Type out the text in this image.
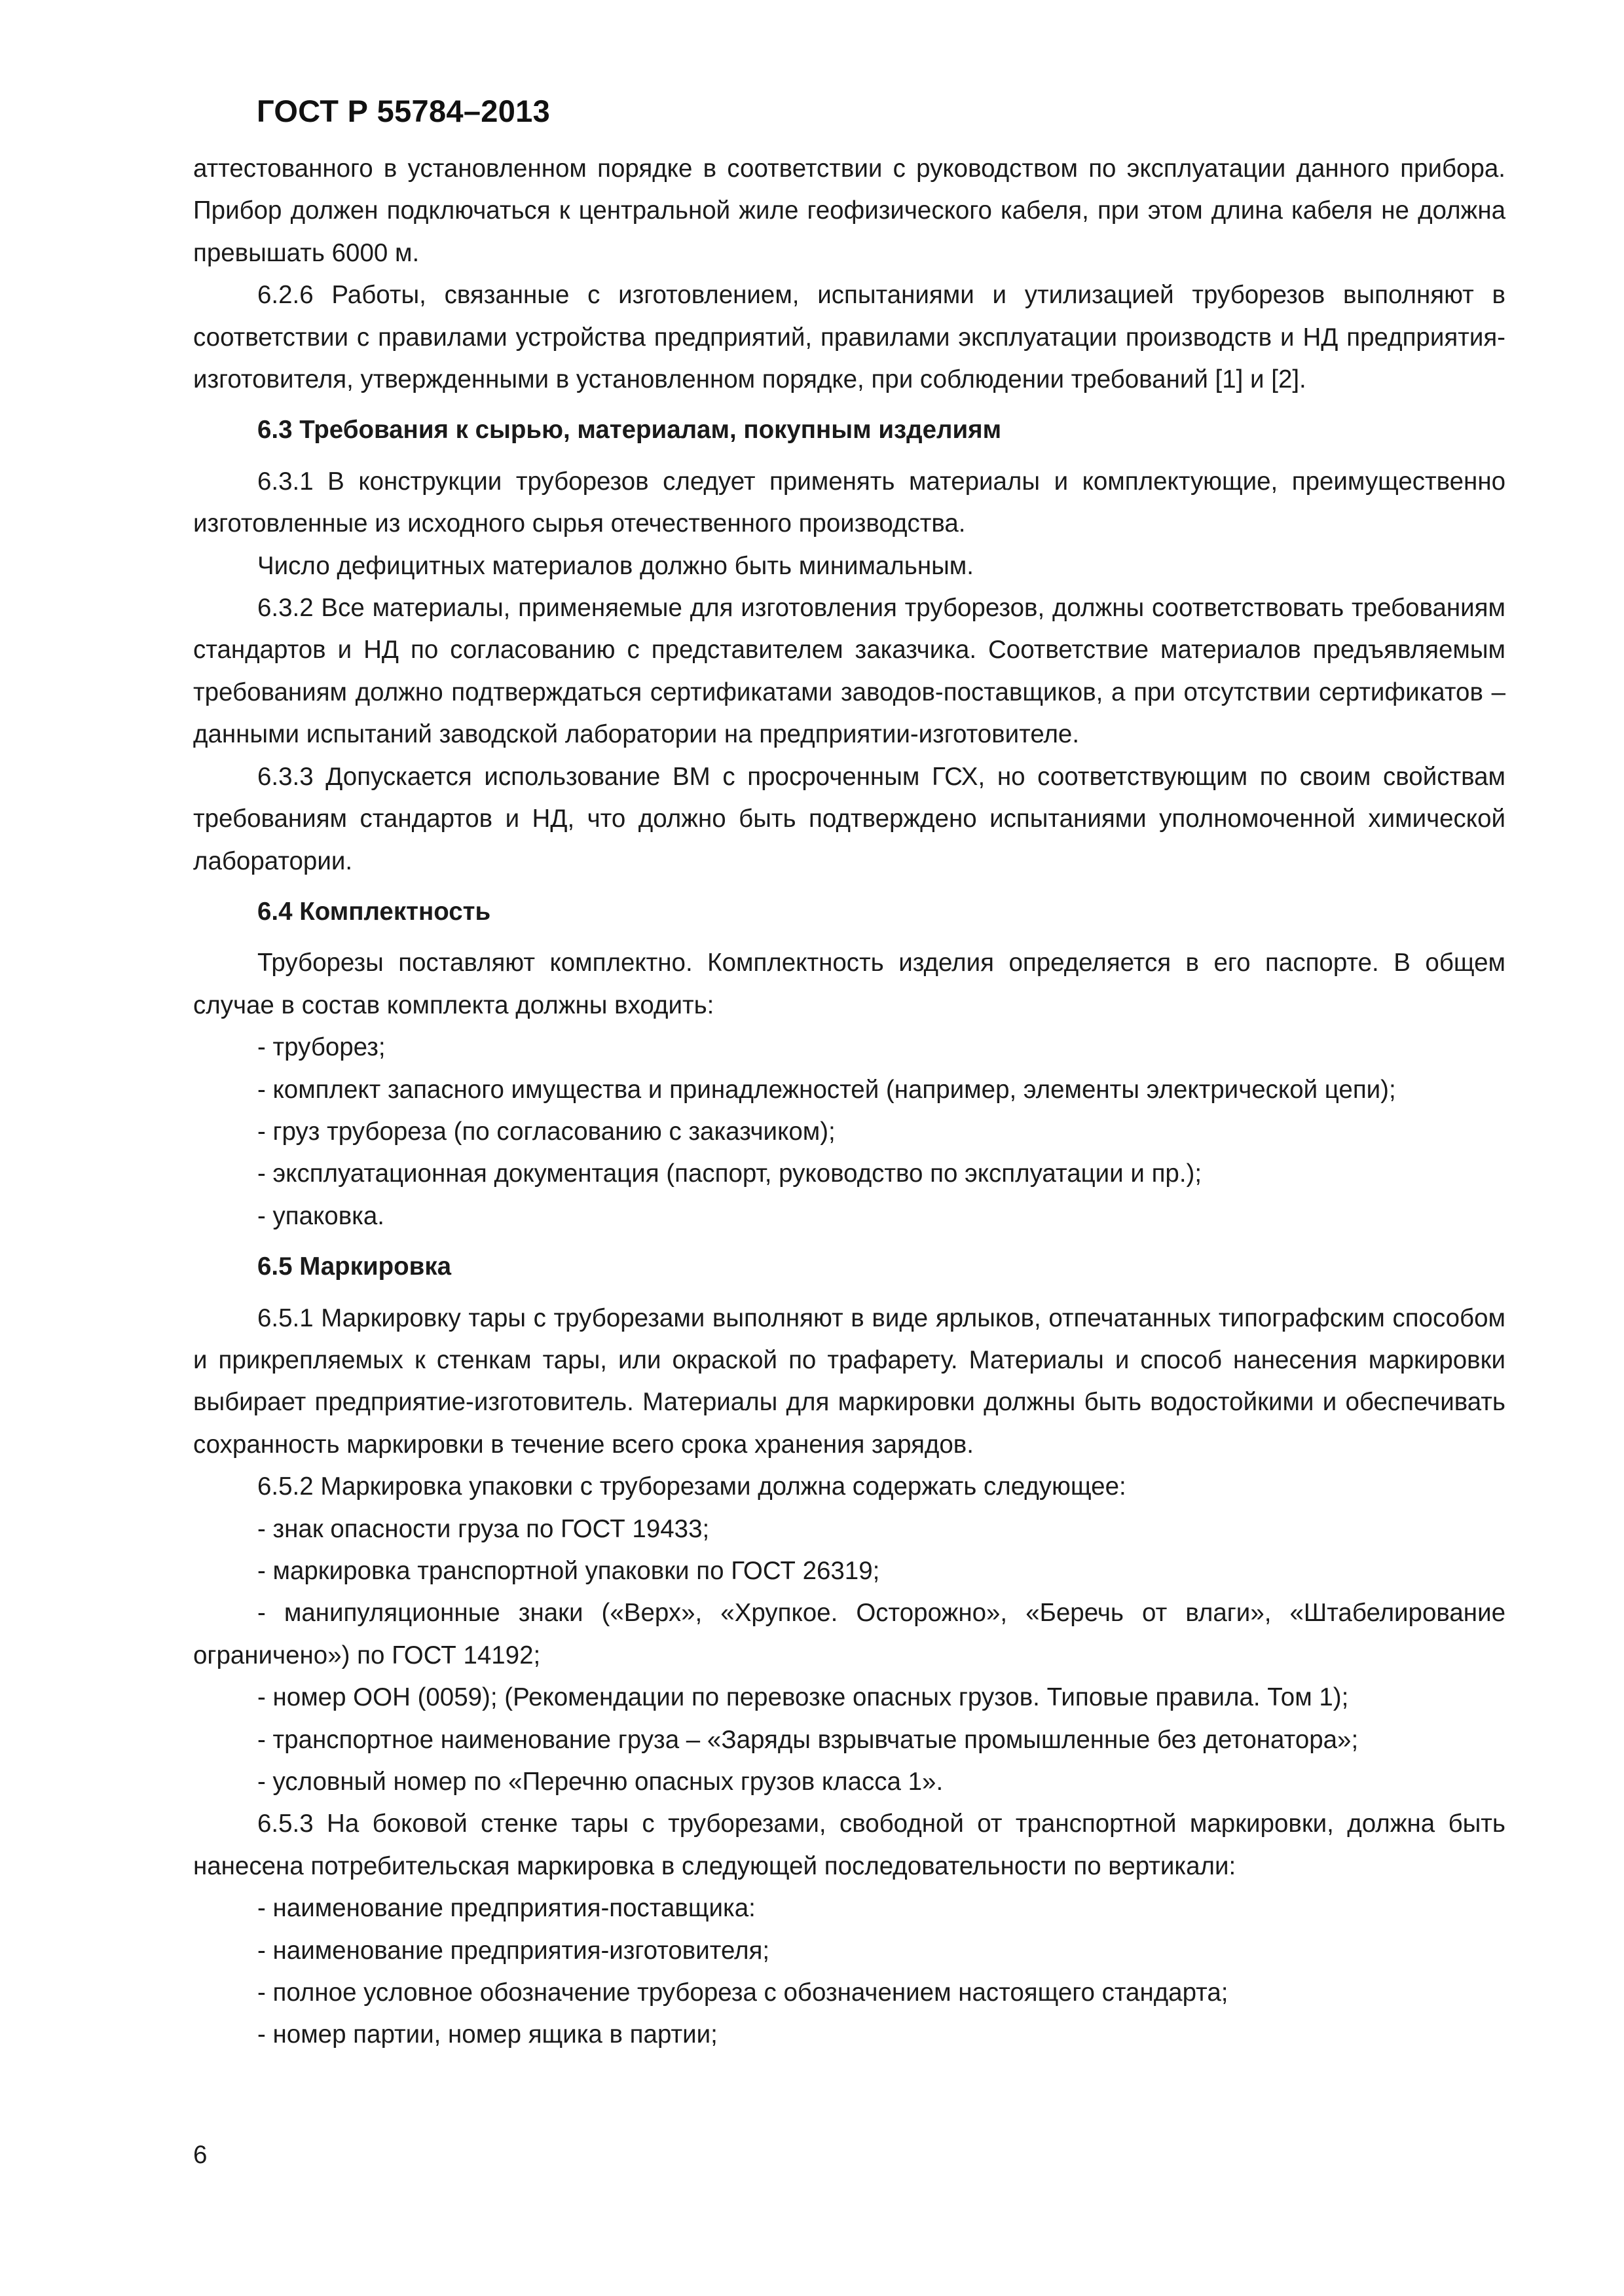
ГОСТ Р 55784–2013

аттестованного в установленном порядке в соответствии с руководством по эксплуатации данного прибора. Прибор должен подключаться к центральной жиле геофизического кабеля, при этом длина кабеля не должна превышать 6000 м.

6.2.6 Работы, связанные с изготовлением, испытаниями и утилизацией труборезов выполняют в соответствии с правилами устройства предприятий, правилами эксплуатации производств и НД предприятия-изготовителя, утвержденными в установленном порядке, при соблюдении требований [1] и [2].

6.3 Требования к сырью, материалам, покупным изделиям

6.3.1 В конструкции труборезов следует применять материалы и комплектующие, преимущественно изготовленные из исходного сырья отечественного производства.

Число дефицитных материалов должно быть минимальным.

6.3.2 Все материалы, применяемые для изготовления труборезов, должны соответствовать требованиям стандартов и НД по согласованию с представителем заказчика. Соответствие материалов предъявляемым требованиям должно подтверждаться сертификатами заводов-поставщиков, а при отсутствии сертификатов – данными испытаний заводской лаборатории на предприятии-изготовителе.

6.3.3 Допускается использование ВМ с просроченным ГСХ, но соответствующим по своим свойствам требованиям стандартов и НД, что должно быть подтверждено испытаниями уполномоченной химической лаборатории.

6.4 Комплектность

Труборезы поставляют комплектно. Комплектность изделия определяется в его паспорте. В общем случае в состав комплекта должны входить:

- труборез;

- комплект запасного имущества и принадлежностей (например, элементы электрической цепи);

- груз трубореза (по согласованию с заказчиком);

- эксплуатационная документация (паспорт, руководство по эксплуатации и пр.);

- упаковка.

6.5 Маркировка

6.5.1 Маркировку тары с труборезами выполняют в виде ярлыков, отпечатанных типографским способом и прикрепляемых к стенкам тары, или окраской по трафарету. Материалы и способ нанесения маркировки выбирает предприятие-изготовитель. Материалы для маркировки должны быть водостойкими и обеспечивать сохранность маркировки в течение всего срока хранения зарядов.

6.5.2 Маркировка упаковки с труборезами должна содержать следующее:

- знак опасности груза по ГОСТ 19433;

- маркировка транспортной упаковки по ГОСТ 26319;

- манипуляционные знаки («Верх», «Хрупкое. Осторожно», «Беречь от влаги», «Штабелирование ограничено») по ГОСТ 14192;

- номер ООН (0059); (Рекомендации по перевозке опасных грузов. Типовые правила. Том 1);

- транспортное наименование груза – «Заряды взрывчатые промышленные без детонатора»;

- условный номер по «Перечню опасных грузов класса 1».

6.5.3 На боковой стенке тары с труборезами, свободной от транспортной маркировки, должна быть нанесена потребительская маркировка в следующей последовательности по вертикали:

- наименование предприятия-поставщика:

- наименование предприятия-изготовителя;

- полное условное обозначение трубореза с обозначением настоящего стандарта;

- номер партии, номер ящика в партии;

6
